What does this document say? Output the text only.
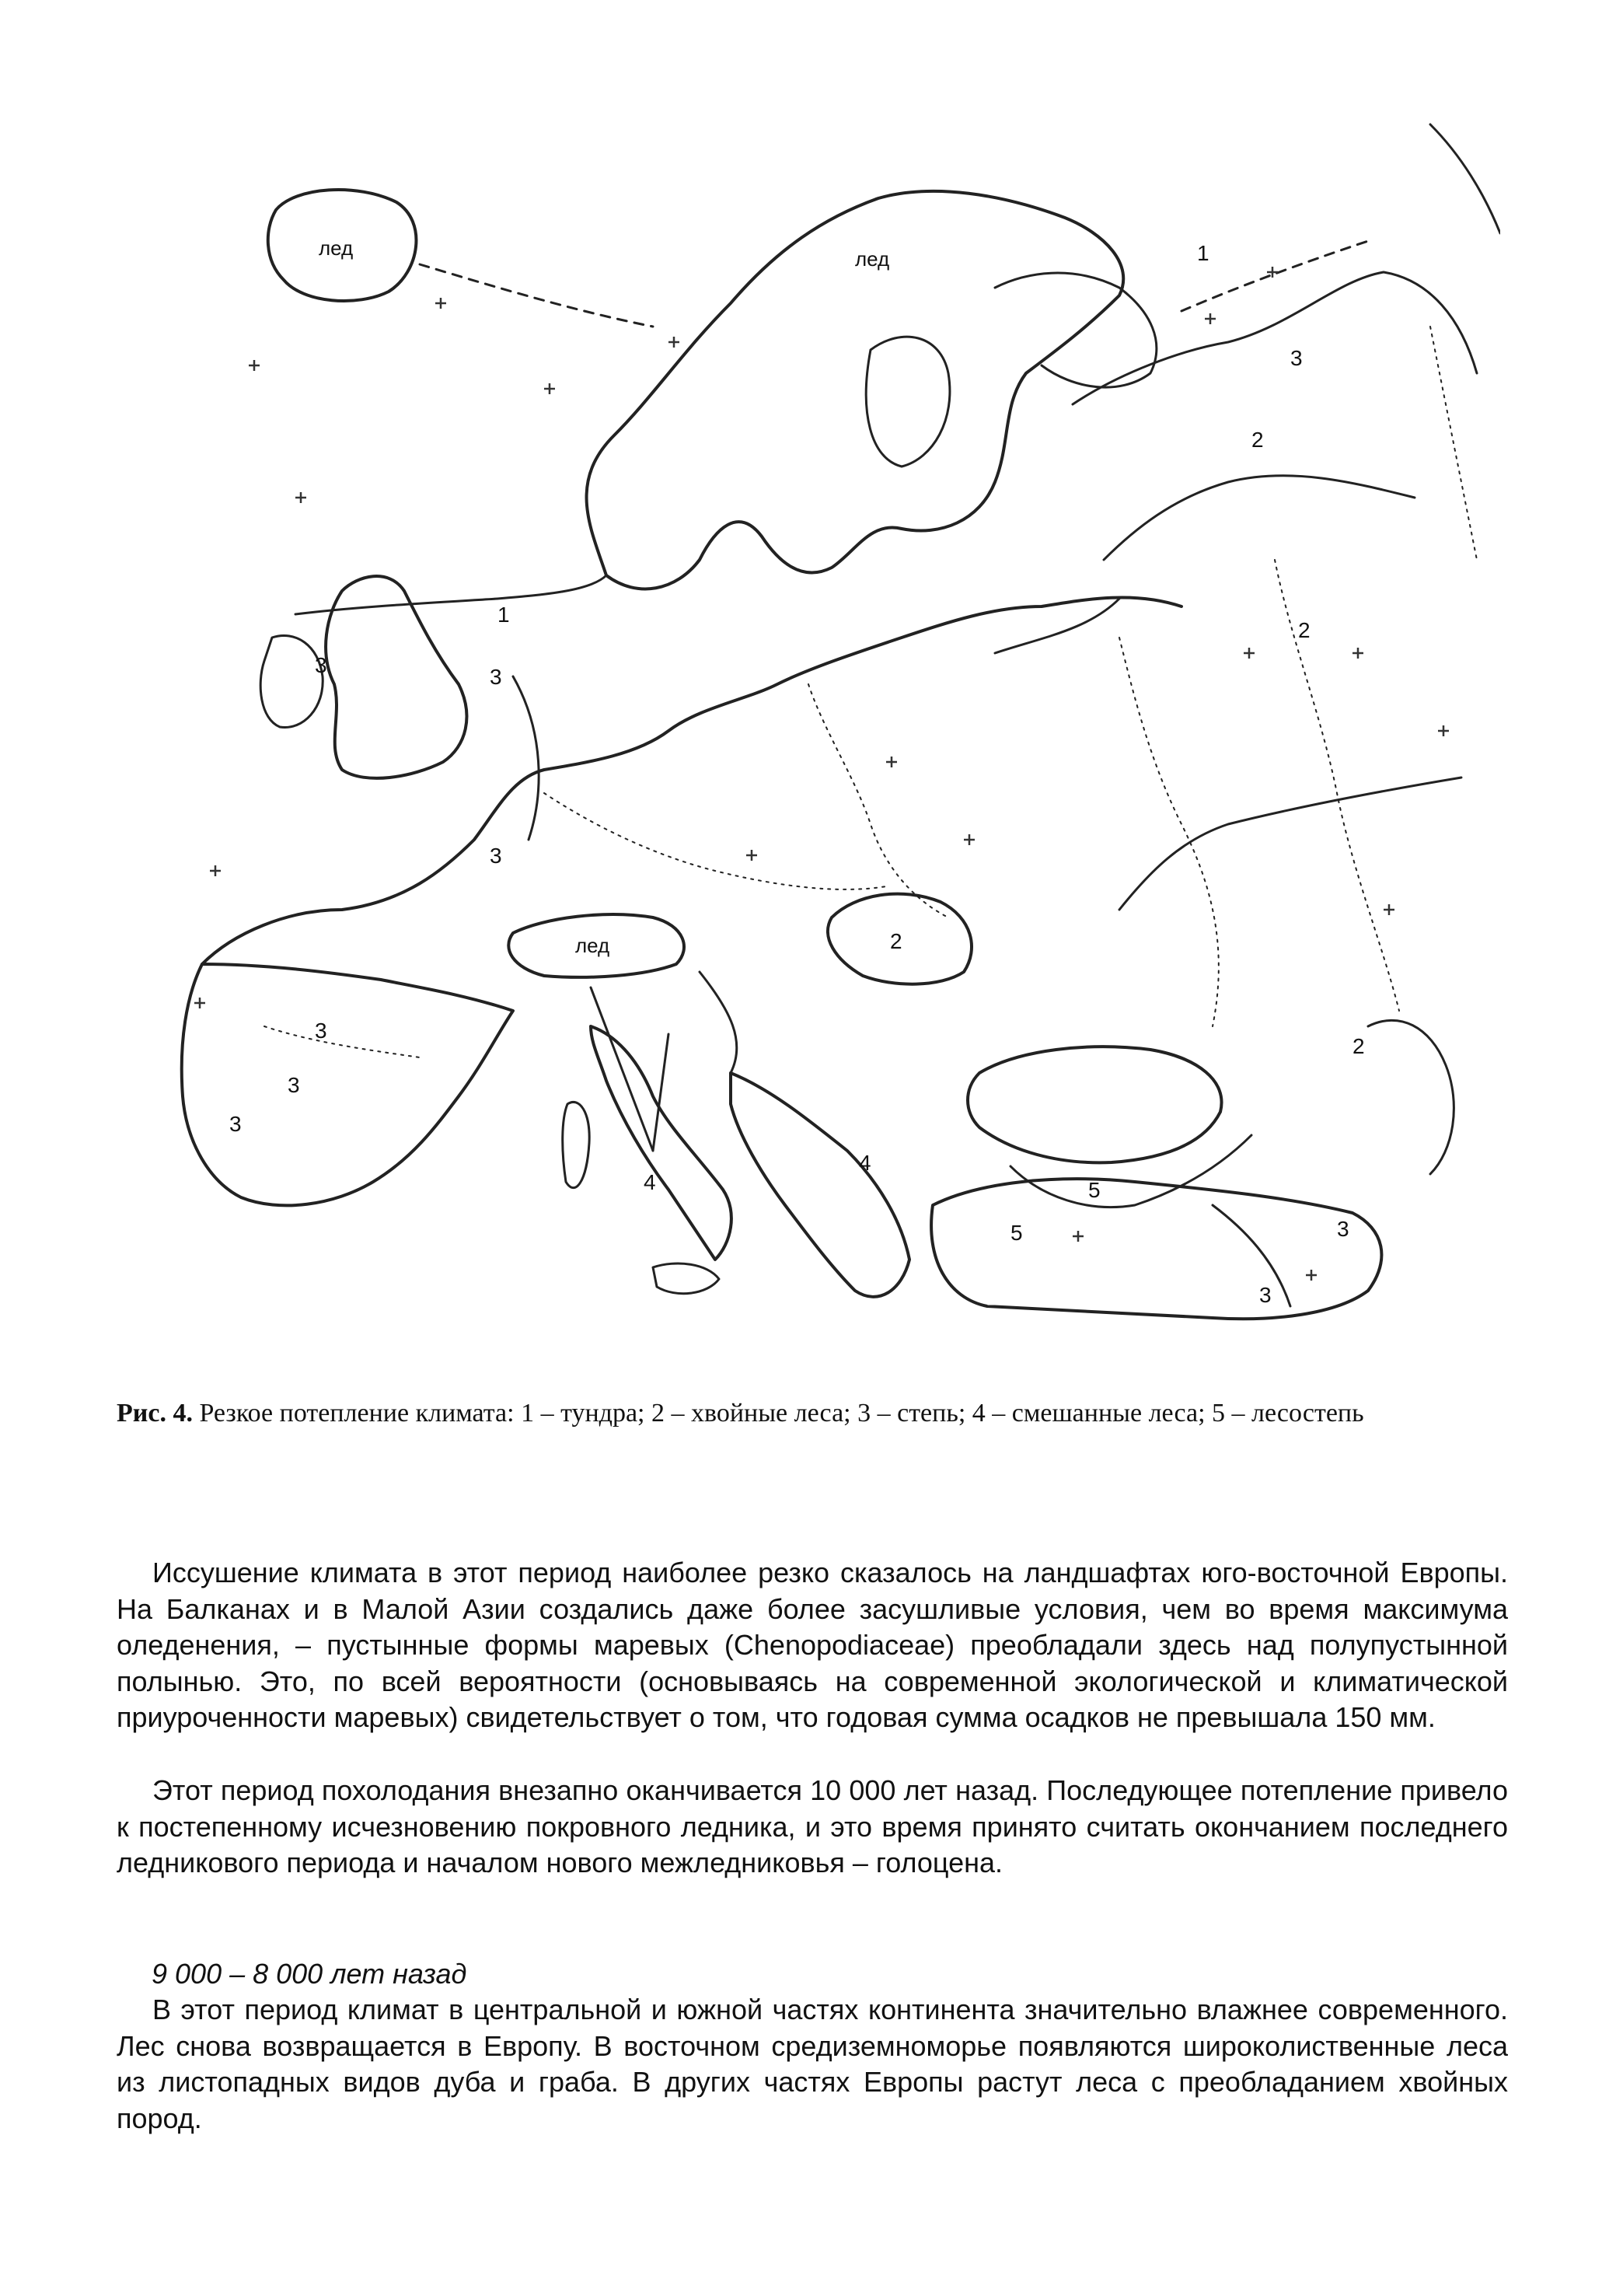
лед	лед
лед
1
1
2
2
2
2
3
3	3
3
3
3
3
3
3
4
4
5
5
Рис. 4. Резкое потепление климата: 1 – тундра; 2 – хвойные леса; 3 – степь; 4 – смешанные леса; 5 – лесостепь
Иссушение климата в этот период наиболее резко сказалось на ландшафтах юго-восточной Европы. На Балканах и в Малой Азии создались даже более засушливые условия, чем во время максимума оледенения, – пустынные формы маревых (Chenopodiaceae) преобладали здесь над полупустынной полынью. Это, по всей вероятности (основываясь на современной экологической и климатической приуроченности маревых) свидетельствует о том, что годовая сумма осадков не превышала 150 мм.
Этот период похолодания внезапно оканчивается 10 000 лет назад. Последующее потепление привело к постепенному исчезновению покровного ледника, и это время принято считать окончанием последнего ледникового периода и началом нового межледниковья – голоцена.
9 000 – 8 000 лет назад
В этот период климат в центральной и южной частях континента значительно влажнее современного. Лес снова возвращается в Европу. В восточном средиземноморье появляются широколиственные леса из листопадных видов дуба и граба. В других частях Европы растут леса с преобладанием хвойных пород.
